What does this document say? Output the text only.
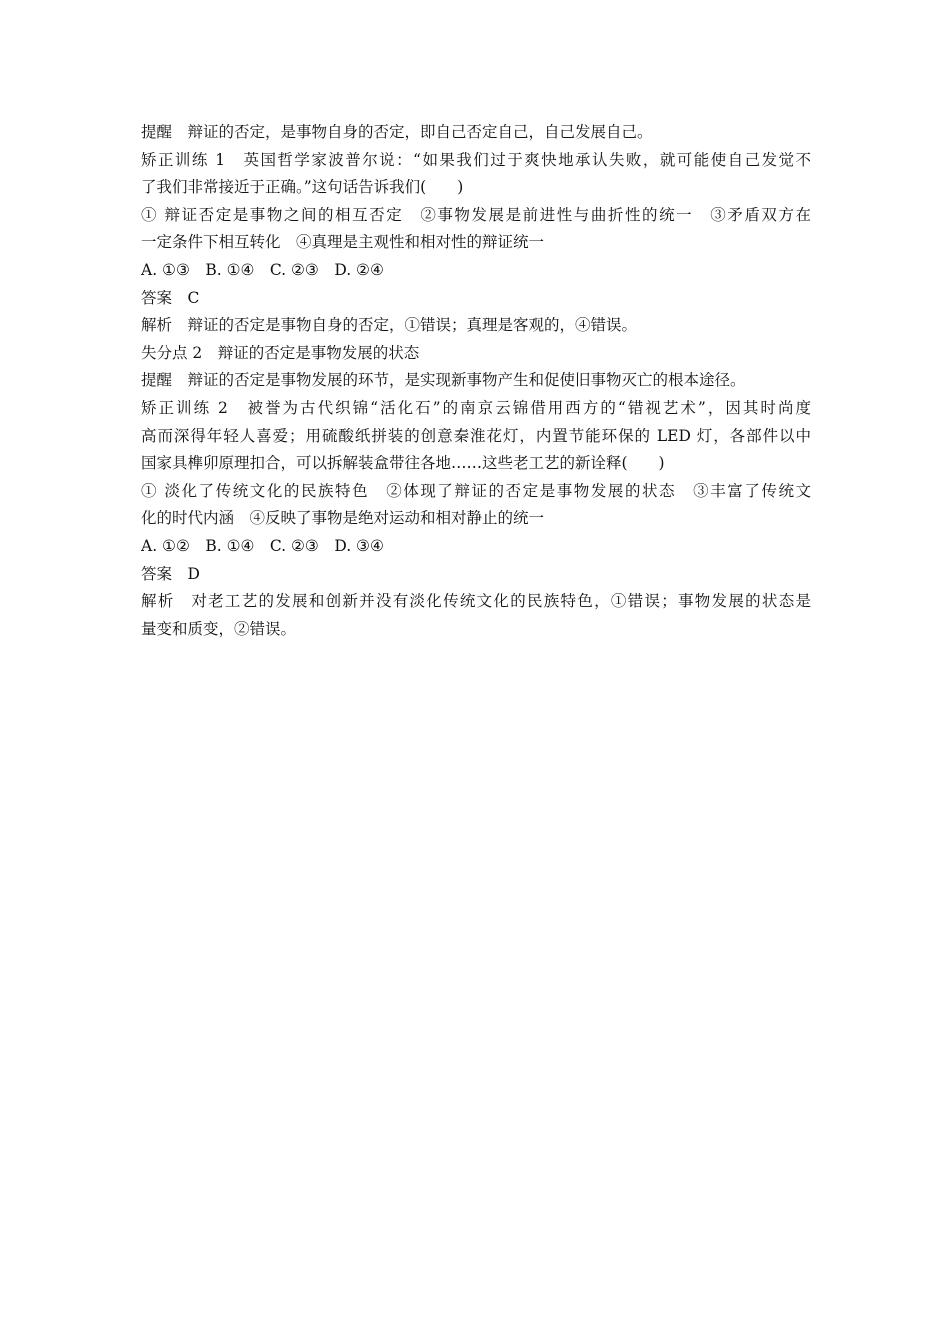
提醒　辩证的否定，是事物自身的否定，即自己否定自己，自己发展自己。
矫正训练 1　英国哲学家波普尔说：“如果我们过于爽快地承认失败，就可能使自己发觉不
了我们非常接近于正确。”这句话告诉我们(　　)
① 辩证否定是事物之间的相互否定　②事物发展是前进性与曲折性的统一　③矛盾双方在
一定条件下相互转化　④真理是主观性和相对性的辩证统一
A. ①③　B. ①④　C. ②③　D. ②④
答案　C
解析　辩证的否定是事物自身的否定，①错误；真理是客观的，④错误。
失分点 2　辩证的否定是事物发展的状态
提醒　辩证的否定是事物发展的环节，是实现新事物产生和促使旧事物灭亡的根本途径。
矫正训练 2　被誉为古代织锦“活化石”的南京云锦借用西方的“错视艺术”，因其时尚度
高而深得年轻人喜爱；用硫酸纸拼装的创意秦淮花灯，内置节能环保的 LED 灯，各部件以中
国家具榫卯原理扣合，可以拆解装盒带往各地……这些老工艺的新诠释(　　)
① 淡化了传统文化的民族特色　②体现了辩证的否定是事物发展的状态　③丰富了传统文
化的时代内涵　④反映了事物是绝对运动和相对静止的统一
A. ①②　B. ①④　C. ②③　D. ③④
答案　D
解析　对老工艺的发展和创新并没有淡化传统文化的民族特色，①错误；事物发展的状态是
量变和质变，②错误。
